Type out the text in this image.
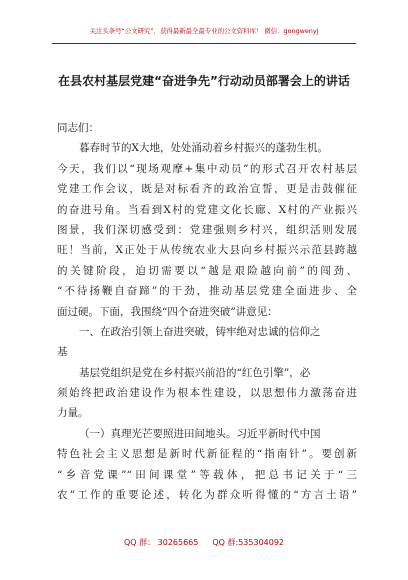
关注头条号“公文研究”，获得最新最全最专业的公文资料库！ 微信：gongwenyj
在县农村基层党建“奋进争先”行动动员部署会上的讲话
同志们：
暮春时节的X大地，处处涌动着乡村振兴的蓬勃生机。
今天，我们以“现场观摩+集中动员”的形式召开农村基层
党建工作会议，既是对标看齐的政治宣誓，更是击鼓催征
的奋进号角。当看到X村的党建文化长廊、X村的产业振兴
图景，我们深切感受到：党建强则乡村兴，组织活则发展
旺！当前，X正处于从传统农业大县向乡村振兴示范县跨越
的关键阶段，迫切需要以“越是艰险越向前”的闯劲、
“不待扬鞭自奋蹄”的干劲，推动基层党建全面进步、全
面过硬。下面，我围绕“四个奋进突破”讲意见：
一、在政治引领上奋进突破，铸牢绝对忠诚的信仰之
基
基层党组织是党在乡村振兴前沿的“红色引擎”，必
须始终把政治建设作为根本性建设，以思想伟力激荡奋进
力量。
（一）真理光芒要照进田间地头。习近平新时代中国
特色社会主义思想是新时代新征程的“指南针”。要创新
“乡音党课”“田间课堂”等载体，把总书记关于“三
农”工作的重要论述，转化为群众听得懂的“方言土语”
QQ 群： 30265665 QQ 群:535304092
